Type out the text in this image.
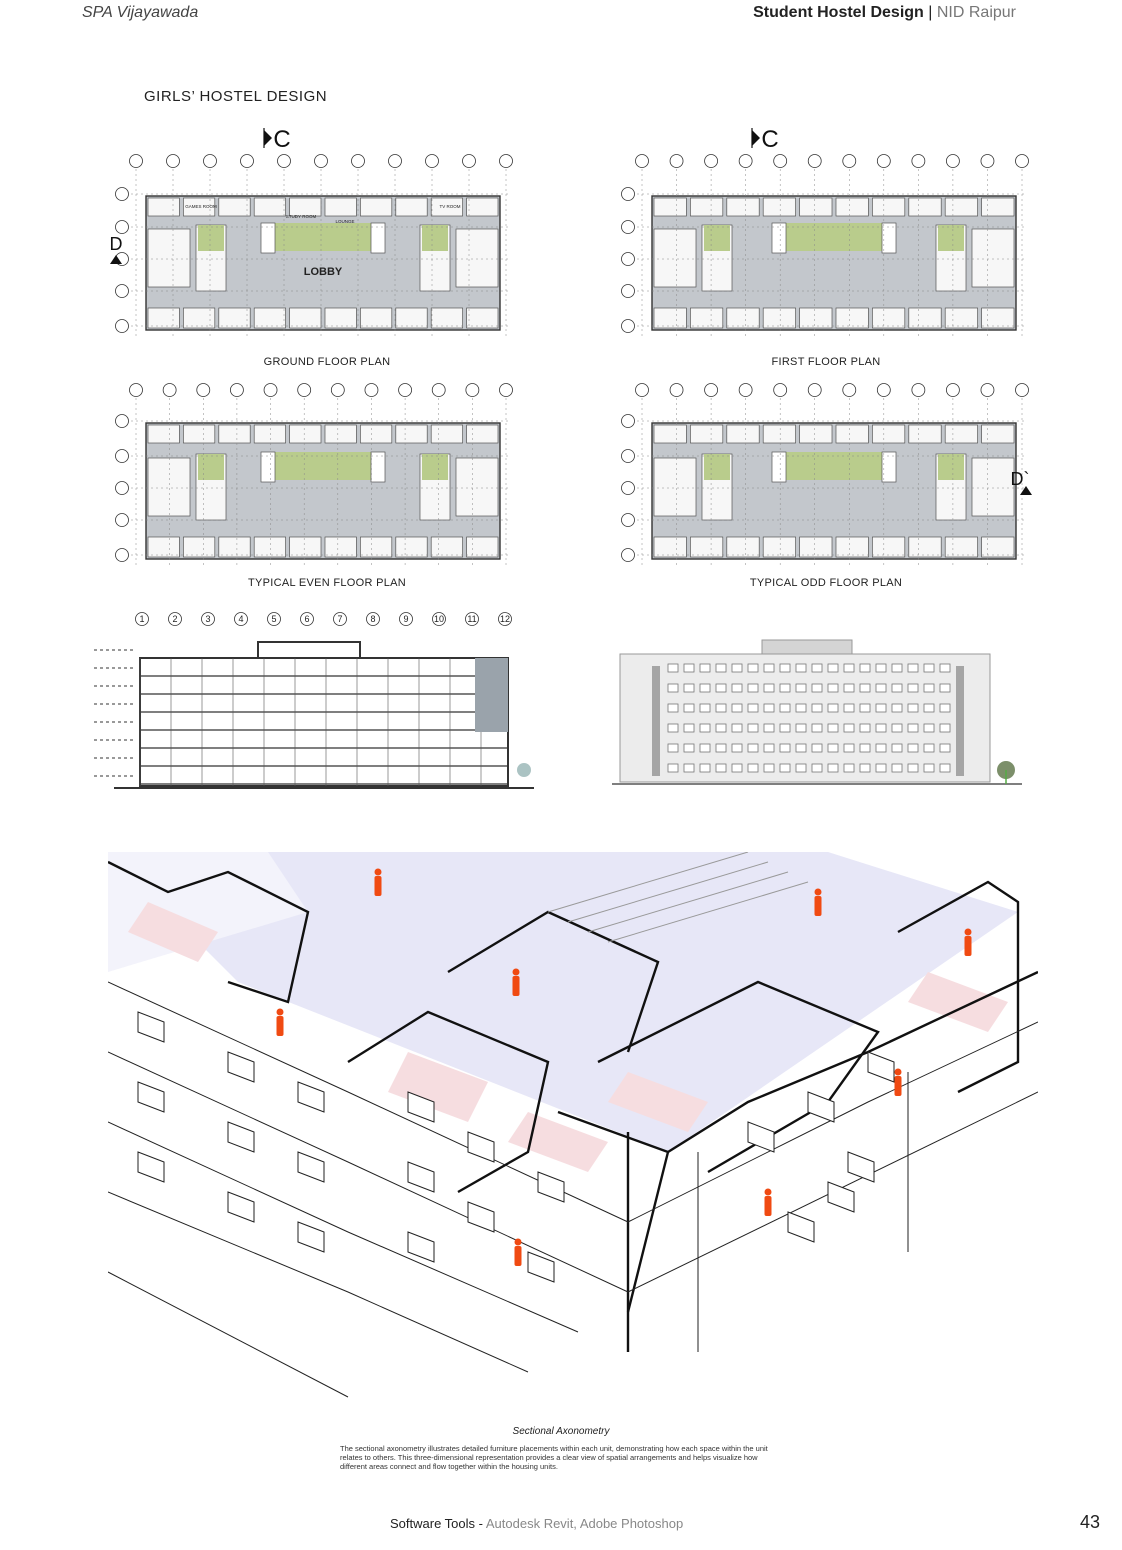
SPA Vijayawada	Student Hostel Design | NID Raipur
GIRLS’ HOSTEL DESIGN
GAMES ROOM
STUDY ROOM
LOUNGE
TV ROOM
LOBBY
C
D
C
D`
GROUND FLOOR PLAN	FIRST FLOOR PLAN
TYPICAL EVEN FLOOR PLAN	TYPICAL ODD FLOOR PLAN
1	2	3	4	5	6	7	8	9	10	11	12
Sectional Axonometry
The sectional axonometry illustrates detailed furniture placements within each unit, demonstrating how each space within the unit relates to others. This three-dimensional representation provides a clear view of spatial arrangements and helps visualize how different areas connect and flow together within the housing units.
Software Tools - Autodesk Revit, Adobe Photoshop	43
